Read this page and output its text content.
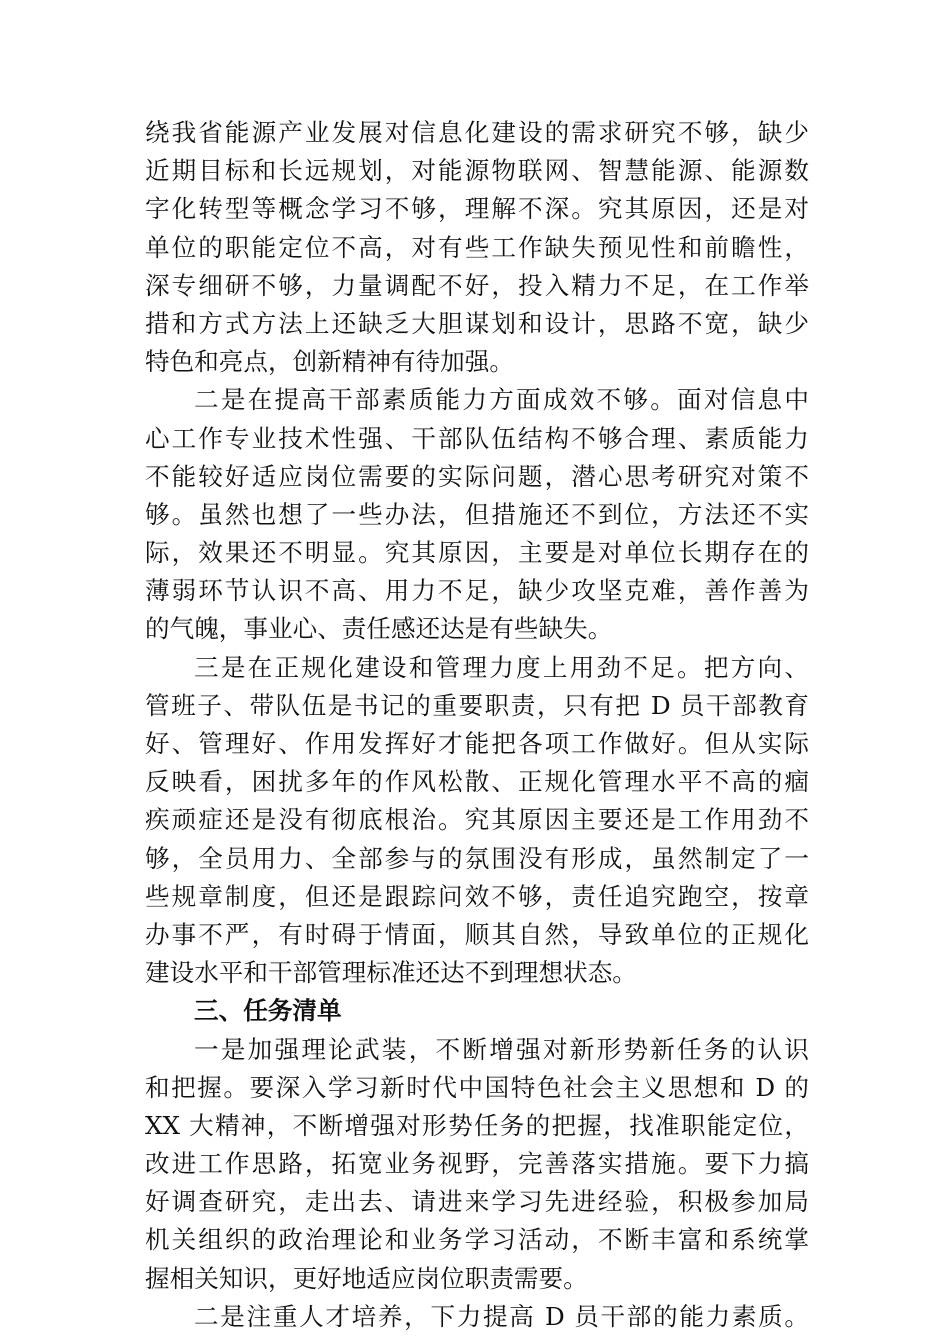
绕我省能源产业发展对信息化建设的需求研究不够，缺少
近期目标和长远规划，对能源物联网、智慧能源、能源数
字化转型等概念学习不够，理解不深。究其原因，还是对
单位的职能定位不高，对有些工作缺失预见性和前瞻性，
深专细研不够，力量调配不好，投入精力不足，在工作举
措和方式方法上还缺乏大胆谋划和设计，思路不宽，缺少
特色和亮点，创新精神有待加强。
二是在提高干部素质能力方面成效不够。面对信息中
心工作专业技术性强、干部队伍结构不够合理、素质能力
不能较好适应岗位需要的实际问题，潜心思考研究对策不
够。虽然也想了一些办法，但措施还不到位，方法还不实
际，效果还不明显。究其原因，主要是对单位长期存在的
薄弱环节认识不高、用力不足，缺少攻坚克难，善作善为
的气魄，事业心、责任感还达是有些缺失。
三是在正规化建设和管理力度上用劲不足。把方向、
管班子、带队伍是书记的重要职责，只有把 D 员干部教育
好、管理好、作用发挥好才能把各项工作做好。但从实际
反映看，困扰多年的作风松散、正规化管理水平不高的痼
疾顽症还是没有彻底根治。究其原因主要还是工作用劲不
够，全员用力、全部参与的氛围没有形成，虽然制定了一
些规章制度，但还是跟踪问效不够，责任追究跑空，按章
办事不严，有时碍于情面，顺其自然，导致单位的正规化
建设水平和干部管理标准还达不到理想状态。
三、任务清单
一是加强理论武装，不断增强对新形势新任务的认识
和把握。要深入学习新时代中国特色社会主义思想和 D 的
XX 大精神，不断增强对形势任务的把握，找准职能定位，
改进工作思路，拓宽业务视野，完善落实措施。要下力搞
好调查研究，走出去、请进来学习先进经验，积极参加局
机关组织的政治理论和业务学习活动，不断丰富和系统掌
握相关知识，更好地适应岗位职责需要。
二是注重人才培养，下力提高 D 员干部的能力素质。
